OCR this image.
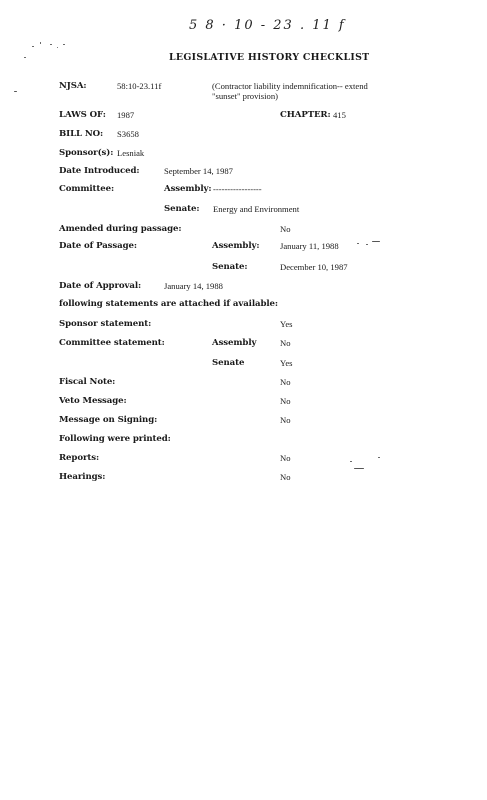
5 8 · 10 - 23 . 11 f
LEGISLATIVE HISTORY CHECKLIST
NJSA:	58:10-23.11f	(Contractor liability indemnification-- extend
"sunset" provision)
LAWS OF: 1987	CHAPTER: 415
BILL NO: S3658
Sponsor(s): Lesniak
Date Introduced:	September 14, 1987
Committee:	Assembly: -----------------
Senate: Energy and Environment
Amended during passage:	No
Date of Passage:	Assembly: January 11, 1988
Senate:	December 10, 1987
Date of Approval:	January 14, 1988
following statements are attached if available:
Sponsor statement:	Yes
Committee statement:	Assembly	No
Senate	Yes
Fiscal Note:	No
Veto Message:	No
Message on Signing:	No
Following were printed:
Reports:	No
Hearings:	No
